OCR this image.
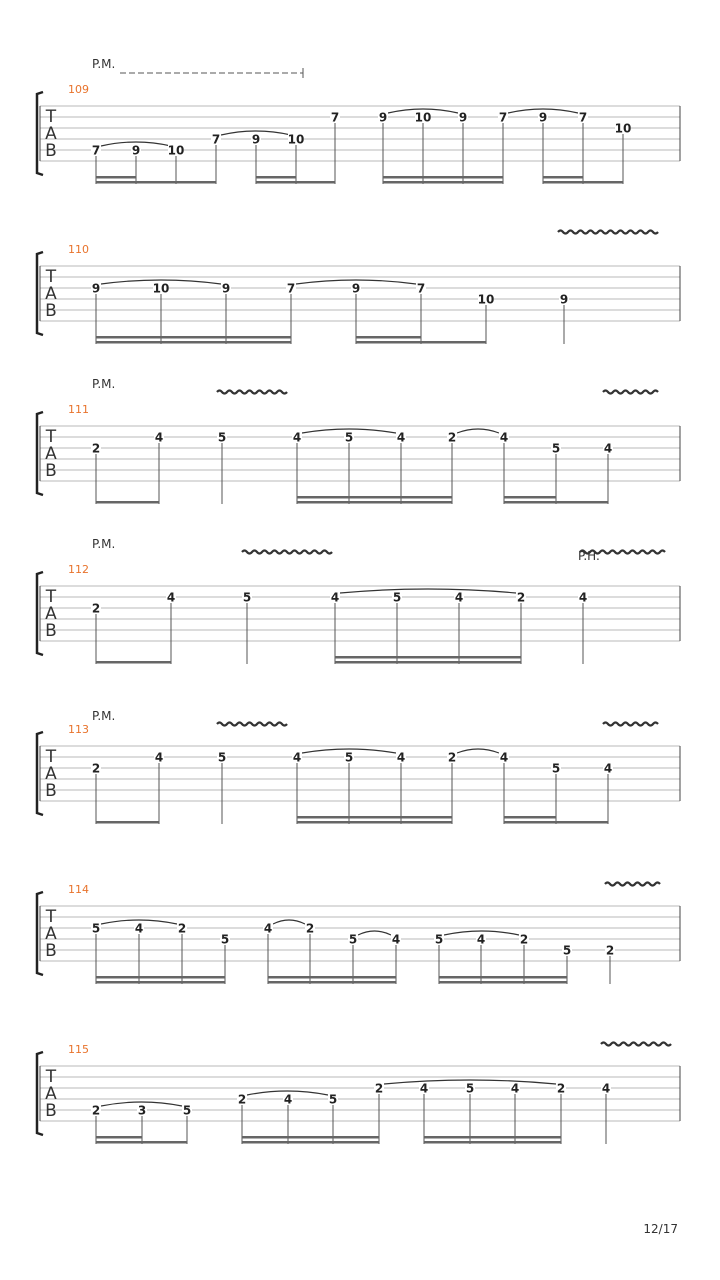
T
A
B
109
P.M.
7	9 10
7	9 10
7	9 10 9	7	9	7
10
T
A
B
110
9	10	9	7	9	7
10	9
T
A
B
111
P.M.
2
4	5	4	5	4	2	4
5	4
T
A
B
112
P.M.
P.H.
2
4	5	4	5	4	2	4
T
A
B
113
P.M.
2
4	5	4	5	4	2	4
5	4
T
A
B
114
5	4	2
5
4	2
5	4	5	4	2
5	2
T
A
B
115
2	3	5
2	4	5
2	4	5	4	2	4
12/17
